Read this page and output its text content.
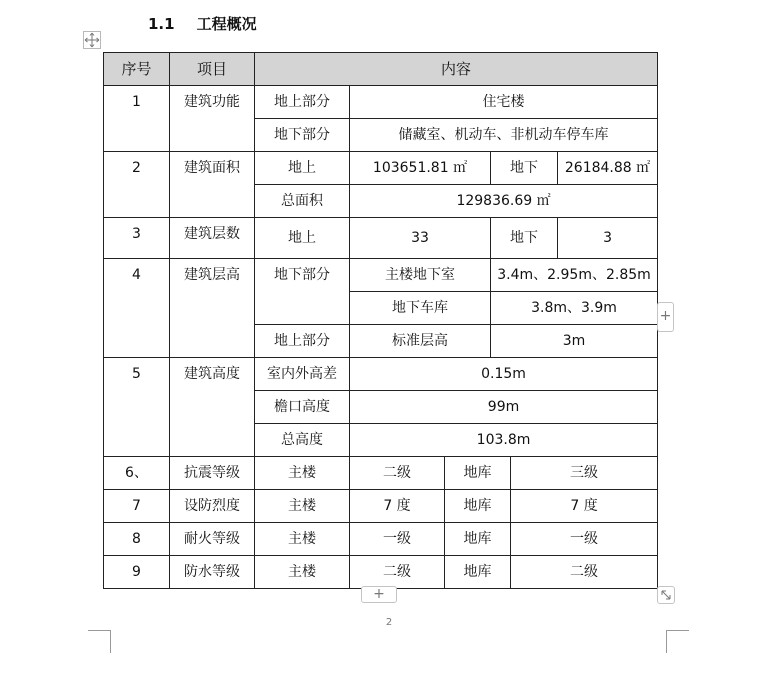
1.1 工程概况
序号	项目	内容					
1	建筑功能	地上部分	住宅楼				
		地下部分	储藏室、机动车、非机动车停车库				
2	建筑面积	地上	103651.81 ㎡		地下		26184.88 ㎡
		总面积	129836.69 ㎡				
3	建筑层数	地上	33		地下		3
4	建筑层高	地下部分	主楼地下室		3.4m、2.95m、2.85m		
			地下车库		3.8m、3.9m		
		地上部分	标准层高		3m		
5	建筑高度	室内外高差	0.15m				
		檐口高度	99m				
		总高度	103.8m				
6、	抗震等级	主楼	二级	地库		三级	
7	设防烈度	主楼	7 度	地库		7 度	
8	耐火等级	主楼	一级	地库		一级	
9	防水等级	主楼	二级	地库		二级	
+
+
2
